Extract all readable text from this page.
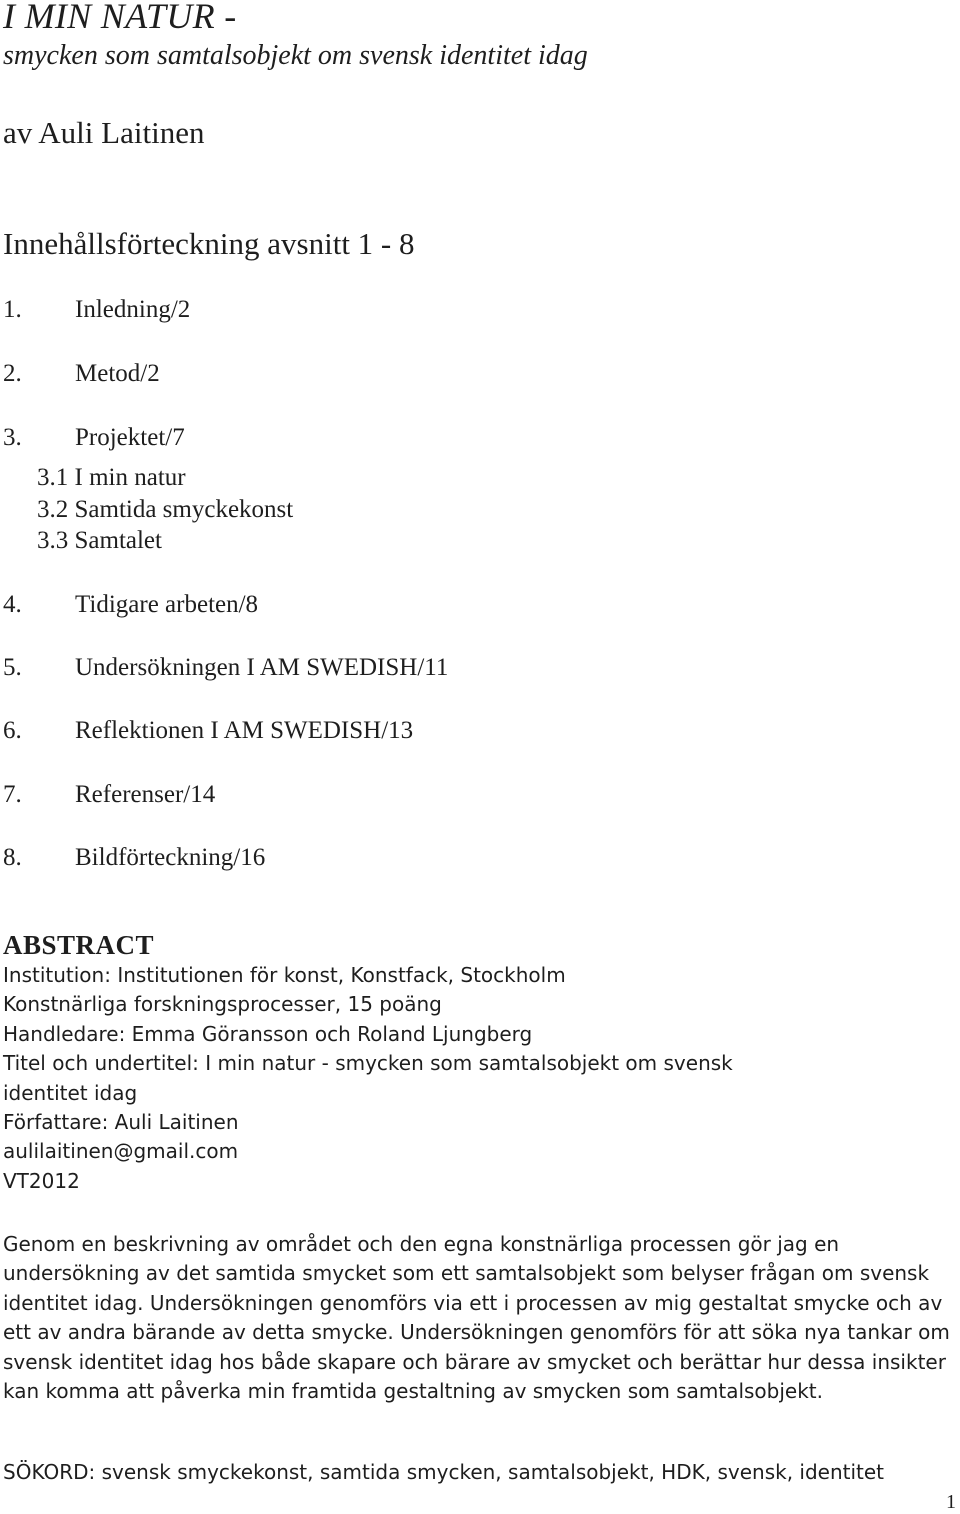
I MIN NATUR -
smycken som samtalsobjekt om svensk identitet idag
av Auli Laitinen
Innehållsförteckning avsnitt 1 - 8
1. Inledning/2
2. Metod/2
3. Projektet/7
3.1 I min natur
3.2 Samtida smyckekonst
3.3 Samtalet
4. Tidigare arbeten/8
5. Undersökningen I AM SWEDISH/11
6. Reflektionen I AM SWEDISH/13
7. Referenser/14
8. Bildförteckning/16
ABSTRACT
Institution: Institutionen för konst, Konstfack, Stockholm
Konstnärliga forskningsprocesser, 15 poäng
Handledare: Emma Göransson och Roland Ljungberg
Titel och undertitel: I min natur - smycken som samtalsobjekt om svensk
identitet idag
Författare: Auli Laitinen
aulilaitinen@gmail.com
VT2012
Genom en beskrivning av området och den egna konstnärliga processen gör jag en undersökning av det samtida smycket som ett samtalsobjekt som belyser frågan om svensk identitet idag. Undersökningen genomförs via ett i processen av mig gestaltat smycke och av ett av andra bärande av detta smycke. Undersökningen genomförs för att söka nya tankar om svensk identitet idag hos både skapare och bärare av smycket och berättar hur dessa insikter kan komma att påverka min framtida gestaltning av smycken som samtalsobjekt.
SÖKORD: svensk smyckekonst, samtida smycken, samtalsobjekt, HDK, svensk, identitet
1
